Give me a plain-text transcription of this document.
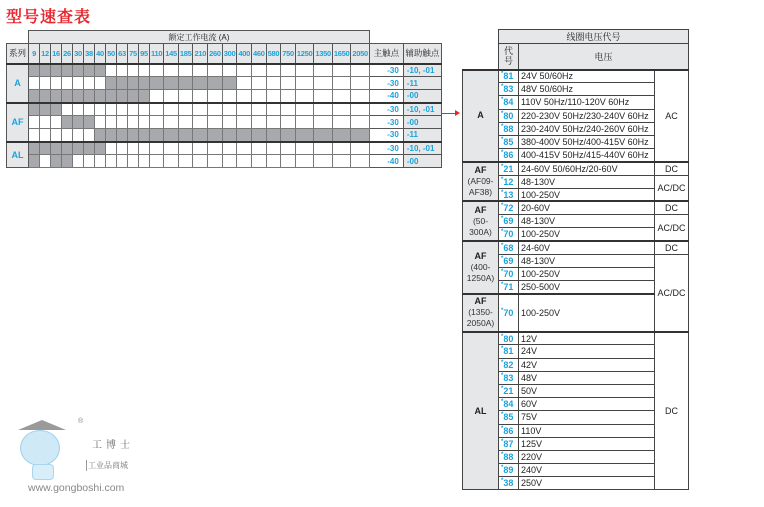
型号速查表
	额定工作电流 (A)																										
系列	9	12	16	26	30	38	40	50	63	75	95	110	145	185	210	260	300	400	460	580	750	1250	1350	1650	2050	主触点	辅助触点
A																										-30	-10, -01
																										-30	-11
																										-40	-00
AF																										-30	-10, -01
																										-30	-00
																										-30	-11
AL																										-30	-10, -01
																										-40	-00
	线圈电压代号		
	代号	电压	
A	*81	24V 50/60Hz	AC
	*83	48V 50/60Hz	
	*84	110V 50Hz/110-120V 60Hz	
	*80	220-230V 50Hz/230-240V 60Hz	
	*88	230-240V 50Hz/240-260V 60Hz	
	*85	380-400V 50Hz/400-415V 60Hz	
	*86	400-415V 50Hz/415-440V 60Hz	
AF
(AF09-AF38)	*21	24-60V 50/60Hz/20-60V	DC
	*12	48-130V	AC/DC
	*13	100-250V	
AF
(50-300A)	*72	20-60V	DC
	*69	48-130V	AC/DC
	*70	100-250V	
AF
(400-1250A)	*68	24-60V	DC
	*69	48-130V	AC/DC
	*70	100-250V	
	*71	250-500V	
AF
(1350-2050A)	*70	100-250V	
AL	*80	12V	DC
	*81	24V	
	*82	42V	
	*83	48V	
	*21	50V	
	*84	60V	
	*85	75V	
	*86	110V	
	*87	125V	
	*88	220V	
	*89	240V	
	*38	250V	
®
工博士
工业品商城
www.gongboshi.com
